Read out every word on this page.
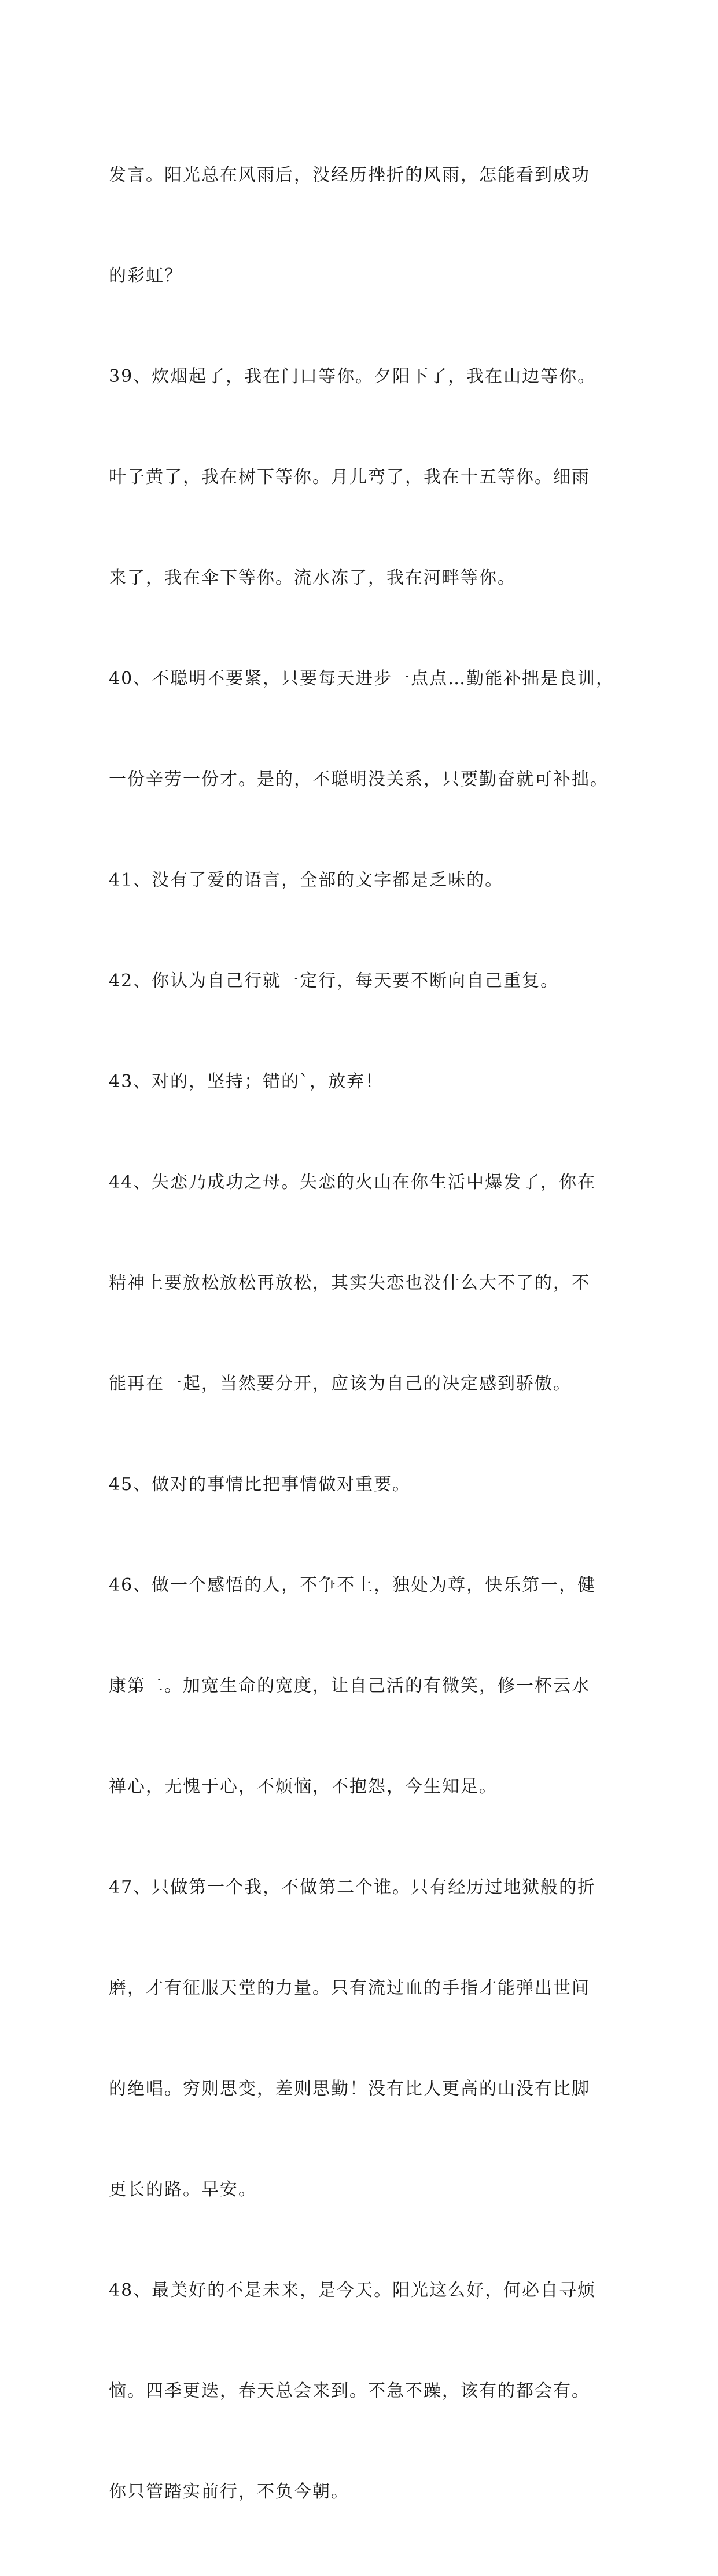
发言。阳光总在风雨后，没经历挫折的风雨，怎能看到成功

的彩虹？

39、炊烟起了，我在门口等你。夕阳下了，我在山边等你。

叶子黄了，我在树下等你。月儿弯了，我在十五等你。细雨

来了，我在伞下等你。流水冻了，我在河畔等你。

40、不聪明不要紧，只要每天进步一点点…勤能补拙是良训，

一份辛劳一份才。是的，不聪明没关系，只要勤奋就可补拙。

41、没有了爱的语言，全部的文字都是乏味的。

42、你认为自己行就一定行，每天要不断向自己重复。

43、对的，坚持；错的`，放弃！

44、失恋乃成功之母。失恋的火山在你生活中爆发了，你在

精神上要放松放松再放松，其实失恋也没什么大不了的，不

能再在一起，当然要分开，应该为自己的决定感到骄傲。

45、做对的事情比把事情做对重要。

46、做一个感悟的人，不争不上，独处为尊，快乐第一，健

康第二。加宽生命的宽度，让自己活的有微笑，修一杯云水

禅心，无愧于心，不烦恼，不抱怨，今生知足。

47、只做第一个我，不做第二个谁。只有经历过地狱般的折

磨，才有征服天堂的力量。只有流过血的手指才能弹出世间

的绝唱。穷则思变，差则思勤！没有比人更高的山没有比脚

更长的路。早安。

48、最美好的不是未来，是今天。阳光这么好，何必自寻烦

恼。四季更迭，春天总会来到。不急不躁，该有的都会有。

你只管踏实前行，不负今朝。
